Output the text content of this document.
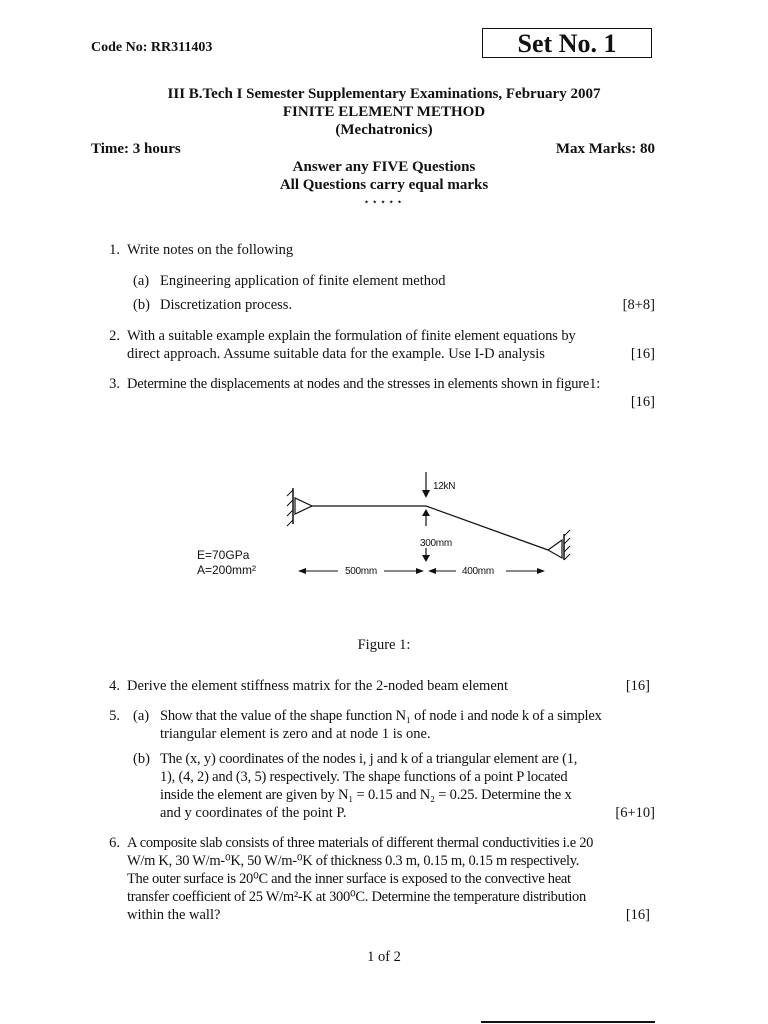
Code No: RR311403	Set No. 1
III B.Tech I Semester Supplementary Examinations, February 2007
FINITE ELEMENT METHOD
(Mechatronics)
Time: 3 hours	Max Marks: 80
Answer any FIVE Questions
All Questions carry equal marks
⋆⋆⋆⋆⋆
1. Write notes on the following
(a) Engineering application of finite element method
(b) Discretization process.	[8+8]
2. With a suitable example explain the formulation of finite element equations by
direct approach. Assume suitable data for the example. Use I-D analysis	[16]
3. Determine the displacements at nodes and the stresses in elements shown in figure1:
[16]
12kN
300mm
E=70GPa
A=200mm²	500mm	400mm
Figure 1:
4. Derive the element stiffness matrix for the 2-noded beam element	[16]
5. (a) Show that the value of the shape function N₁ of node i and node k of a simplex
triangular element is zero and at node 1 is one.
(b) The (x, y) coordinates of the nodes i, j and k of a triangular element are (1,
1), (4, 2) and (3, 5) respectively. The shape functions of a point P located
inside the element are given by N₁ = 0.15 and N₂ = 0.25. Determine the x
and y coordinates of the point P.	[6+10]
6. A composite slab consists of three materials of different thermal conductivities i.e 20
W/m K, 30 W/m-⁰K, 50 W/m-⁰K of thickness 0.3 m, 0.15 m, 0.15 m respectively.
The outer surface is 20⁰C and the inner surface is exposed to the convective heat
transfer coefficient of 25 W/m²-K at 300⁰C. Determine the temperature distribution
within the wall?	[16]
1 of 2
